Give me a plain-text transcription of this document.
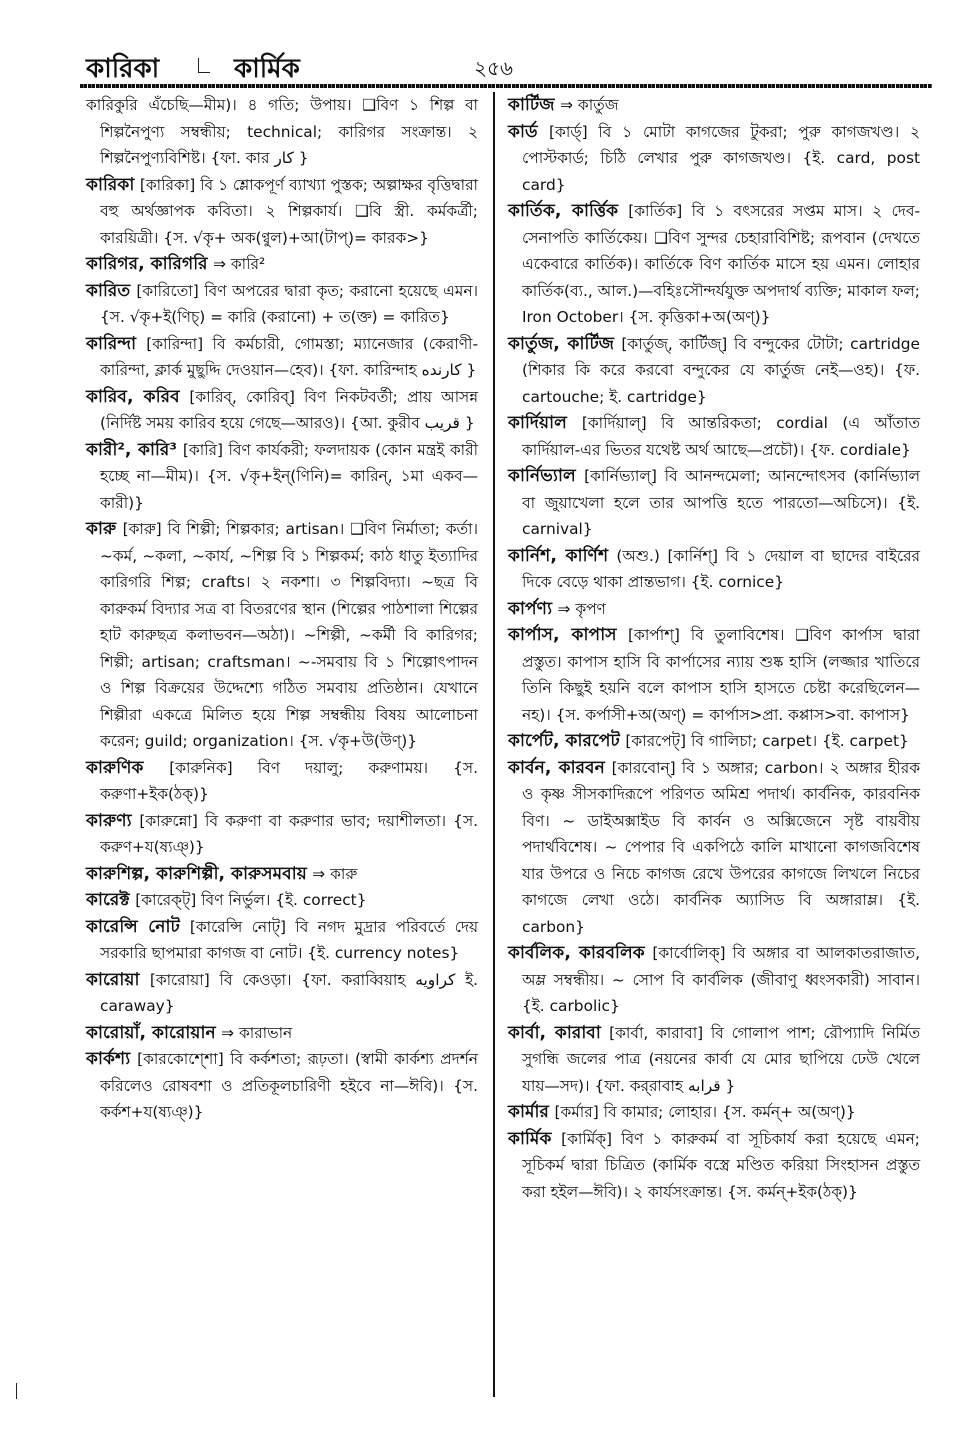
কারিকা	কার্মিক	২৫৬

কারিকুরি এঁচেছি—মীম)। ৪ গতি; উপায়। ❑বিণ ১ শিল্প বা শিল্পনৈপুণ্য সম্বন্ধীয়; technical; কারিগর সংক্রান্ত। ২ শিল্পনৈপুণ্যবিশিষ্ট। {ফা. কার کار }

কারিকা [কারিকা] বি ১ শ্লোকপূর্ণ ব্যাখ্যা পুস্তক; অল্পাক্ষর বৃত্তিদ্বারা বহু অর্থজ্ঞাপক কবিতা। ২ শিল্পকার্য। ❑বি স্ত্রী. কর্মকর্ত্রী; কারয়িত্রী। {স. √কৃ+ অক(ণ্বুল)+আ(টাপ্)= কারক>}

কারিগর, কারিগরি ⇒ কারি²

কারিত [কারিতো] বিণ অপরের দ্বারা কৃত; করানো হয়েছে এমন। {স. √কৃ+ই(ণিচ্) = কারি (করানো) + ত(ক্ত) = কারিত}

কারিন্দা [কারিন্দা] বি কর্মচারী, গোমস্তা; ম্যানেজার (কেরাণী-কারিন্দা, ক্লার্ক মুছুদ্দি দেওয়ান—হেব)। {ফা. কারিন্দাহ کارنده }

কারিব, করিব [কারিব্, কোরিব্] বিণ নিকটবর্তী; প্রায় আসন্ন (নির্দিষ্ট সময় কারিব হয়ে গেছে—আরও)। {আ. কুরীব قريب }

কারী², কারি³ [কারি] বিণ কার্যকরী; ফলদায়ক (কোন মন্ত্রই কারী হচ্ছে না—মীম)। {স. √কৃ+ইন্(ণিনি)= কারিন্, ১মা একব— কারী)}

কারু [কারু] বি শিল্পী; শিল্পকার; artisan। ❑বিণ নির্মাতা; কর্তা। ~কর্ম, ~কলা, ~কার্য, ~শিল্প বি ১ শিল্পকর্ম; কাঠ ধাতু ইত্যাদির কারিগরি শিল্প; crafts। ২ নকশা। ৩ শিল্পবিদ্যা। ~ছত্র বি কারুকর্ম বিদ্যার সত্র বা বিতরণের স্থান (শিল্পের পাঠশালা শিল্পের হাট কারুছত্র কলাভবন—অঠা)। ~শিল্পী, ~কর্মী বি কারিগর; শিল্পী; artisan; craftsman। ~-সমবায় বি ১ শিল্পোৎপাদন ও শিল্প বিক্রয়ের উদ্দেশ্যে গঠিত সমবায় প্রতিষ্ঠান। যেখানে শিল্পীরা একত্রে মিলিত হয়ে শিল্প সম্বন্ধীয় বিষয় আলোচনা করেন; guild; organization। {স. √কৃ+উ(উণ্)}

কারুণিক [কারুনিক] বিণ দয়ালু; করুণাময়। {স. করুণা+ইক(ঠক্)}

কারুণ্য [কারুন্নো] বি করুণা বা করুণার ভাব; দয়াশীলতা। {স. করুণ+য(ষ্যঞ্)}

কারুশিল্প, কারুশিল্পী, কারুসমবায় ⇒ কারু

কারেক্ট [কারেক্ট্] বিণ নির্ভুল। {ই. correct}

কারেন্সি নোট [কারেন্সি নোট্] বি নগদ মুদ্রার পরিবর্তে দেয় সরকারি ছাপমারা কাগজ বা নোট। {ই. currency notes}

কারোয়া [কারোয়া] বি কেওড়া। {ফা. করাব্বিয়াহ کراویه ই. caraway}

কারোয়াঁ, কারোয়ান ⇒ কারাভান

কার্কশ্য [কারকোশ্শো] বি কর্কশতা; রূঢ়তা। (স্বামী কার্কশ্য প্রদর্শন করিলেও রোষবশা ও প্রতিকূলচারিণী হইবে না—ঈবি)। {স. কর্কশ+য(ষ্যঞ্)}

কার্টিজ ⇒ কার্তুজ

কার্ড [কার্ড্] বি ১ মোটা কাগজের টুকরা; পুরু কাগজখণ্ড। ২ পোস্টকার্ড; চিঠি লেখার পুরু কাগজখণ্ড। {ই. card, post card}

কার্তিক, কার্ত্তিক [কার্তিক] বি ১ বৎসরের সপ্তম মাস। ২ দেব-সেনাপতি কার্তিকেয়। ❑বিণ সুন্দর চেহারাবিশিষ্ট; রূপবান (দেখতে একেবারে কার্তিক)। কার্তিকে বিণ কার্তিক মাসে হয় এমন। লোহার কার্তিক(ব্য., আল.)—বহিঃসৌন্দর্যযুক্ত অপদার্থ ব্যক্তি; মাকাল ফল; Iron October। {স. কৃত্তিকা+অ(অণ্)}

কার্তুজ, কার্টিজ [কার্তুজ্, কার্টিজ্] বি বন্দুকের টোটা; cartridge (শিকার কি করে করবো বন্দুকের যে কার্তুজ নেই—ওহ)। {ফ. cartouche; ই. cartridge}

কার্দিয়াল [কার্দিয়াল্] বি আন্তরিকতা; cordial (এ আঁতাত কার্দিয়াল-এর ভিতর যথেষ্ট অর্থ আছে—প্রচৌ)। {ফ. cordiale}

কার্নিভ্যাল [কার্নিভ্যাল্] বি আনন্দমেলা; আনন্দোৎসব (কার্নিভ্যাল বা জুয়াখেলা হলে তার আপত্তি হতে পারতো—অচিসে)। {ই. carnival}

কার্নিশ, কার্ণিশ (অশু.) [কার্নিশ্] বি ১ দেয়াল বা ছাদের বাইরের দিকে বেড়ে থাকা প্রান্তভাগ। {ই. cornice}

কার্পণ্য ⇒ কৃপণ

কার্পাস, কাপাস [কার্পাশ্] বি তুলাবিশেষ। ❑বিণ কার্পাস দ্বারা প্রস্তুত। কাপাস হাসি বি কার্পাসের ন্যায় শুষ্ক হাসি (লজ্জার খাতিরে তিনি কিছুই হয়নি বলে কাপাস হাসি হাসতে চেষ্টা করেছিলেন—নহ)। {স. কর্পাসী+অ(অণ্) = কার্পাস>প্রা. কপ্পাস>বা. কাপাস}

কার্পেট, কারপেট [কারপেট্] বি গালিচা; carpet। {ই. carpet}

কার্বন, কারবন [কারবোন্] বি ১ অঙ্গার; carbon। ২ অঙ্গার হীরক ও কৃষ্ণ সীসকাদিরূপে পরিণত অমিশ্র পদার্থ। কার্বনিক, কারবনিক বিণ। ~ ডাইঅক্সাইড বি কার্বন ও অক্সিজেনে সৃষ্ট বায়বীয় পদার্থবিশেষ। ~ পেপার বি একপিঠে কালি মাখানো কাগজবিশেষ যার উপরে ও নিচে কাগজ রেখে উপরের কাগজে লিখলে নিচের কাগজে লেখা ওঠে। কার্বনিক অ্যাসিড বি অঙ্গারাম্ল। {ই. carbon}

কার্বলিক, কারবলিক [কার্বোলিক্] বি অঙ্গার বা আলকাতরাজাত, অম্ল সম্বন্ধীয়। ~ সোপ বি কার্বলিক (জীবাণু ধ্বংসকারী) সাবান। {ই. carbolic}

কার্বা, কারাবা [কার্বা, কারাবা] বি গোলাপ পাশ; রৌপ্যাদি নির্মিত সুগন্ধি জলের পাত্র (নয়নের কার্বা যে মোর ছাপিয়ে ঢেউ খেলে যায়—সদ)। {ফা. কর্‌রাবাহ قرابه }

কার্মার [কর্মার] বি কামার; লোহার। {স. কর্মন্+ অ(অণ্)}

কার্মিক [কার্মিক্] বিণ ১ কারুকর্ম বা সূচিকার্য করা হয়েছে এমন; সূচিকর্ম দ্বারা চিত্রিত (কার্মিক বস্ত্রে মণ্ডিত করিয়া সিংহাসন প্রস্তুত করা হইল—ঈবি)। ২ কার্যসংক্রান্ত। {স. কর্মন্+ইক(ঠক্)}
